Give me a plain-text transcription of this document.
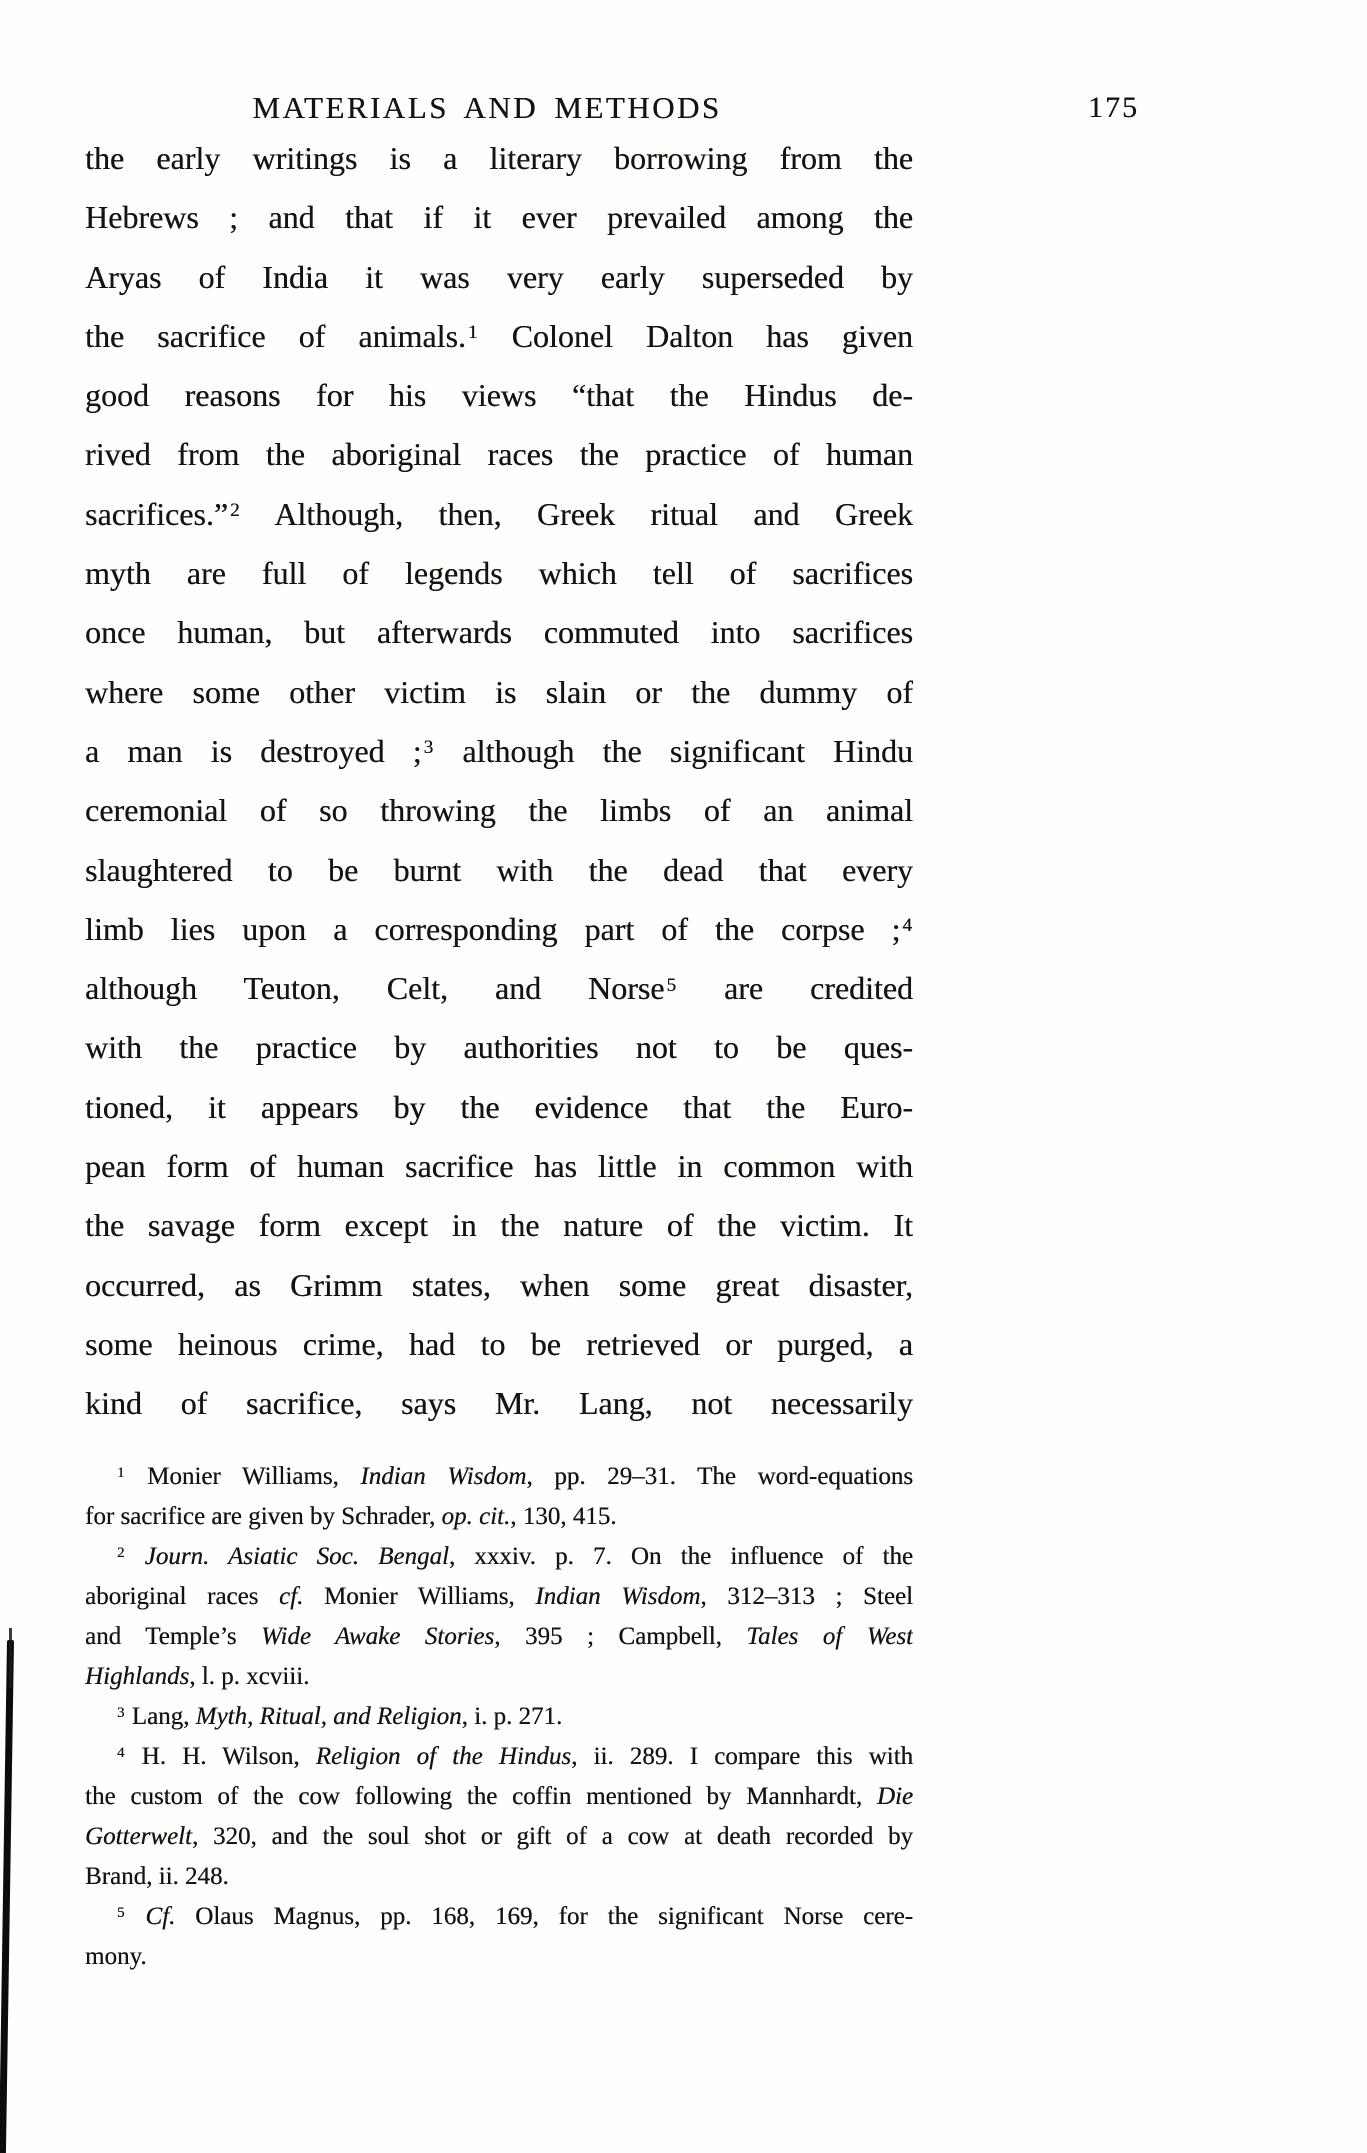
MATERIALS AND METHODS	175
the early writings is a literary borrowing from the
Hebrews ; and that if it ever prevailed among the
Aryas of India it was very early superseded by
the sacrifice of animals. $^1$ Colonel Dalton has given
good reasons for his views “that the Hindus de-
rived from the aboriginal races the practice of human
sacrifices.” $^2$ Although, then, Greek ritual and Greek
myth are full of legends which tell of sacrifices
once human, but afterwards commuted into sacrifices
where some other victim is slain or the dummy of
a man is destroyed ; $^3$ although the significant Hindu
ceremonial of so throwing the limbs of an animal
slaughtered to be burnt with the dead that every
limb lies upon a corresponding part of the corpse ; $^4$
although Teuton, Celt, and Norse $^5$ are credited
with the practice by authorities not to be ques-
tioned, it appears by the evidence that the Euro-
pean form of human sacrifice has little in common with
the savage form except in the nature of the victim. It
occurred, as Grimm states, when some great disaster,
some heinous crime, had to be retrieved or purged, a
kind of sacrifice, says Mr. Lang, not necessarily
$^1$ Monier Williams, Indian Wisdom, pp. 29–31. The word-equations
for sacrifice are given by Schrader, op. cit., 130, 415.
$^2$ Journ. Asiatic Soc. Bengal, xxxiv. p. 7. On the influence of the
aboriginal races cf. Monier Williams, Indian Wisdom, 312–313 ; Steel
and Temple’s Wide Awake Stories, 395 ; Campbell, Tales of West
Highlands, l. p. xcviii.
$^3$ Lang, Myth, Ritual, and Religion, i. p. 271.
$^4$ H. H. Wilson, Religion of the Hindus, ii. 289. I compare this with
the custom of the cow following the coffin mentioned by Mannhardt, Die
Gotterwelt, 320, and the soul shot or gift of a cow at death recorded by
Brand, ii. 248.
$^5$ Cf. Olaus Magnus, pp. 168, 169, for the significant Norse cere-
mony.
